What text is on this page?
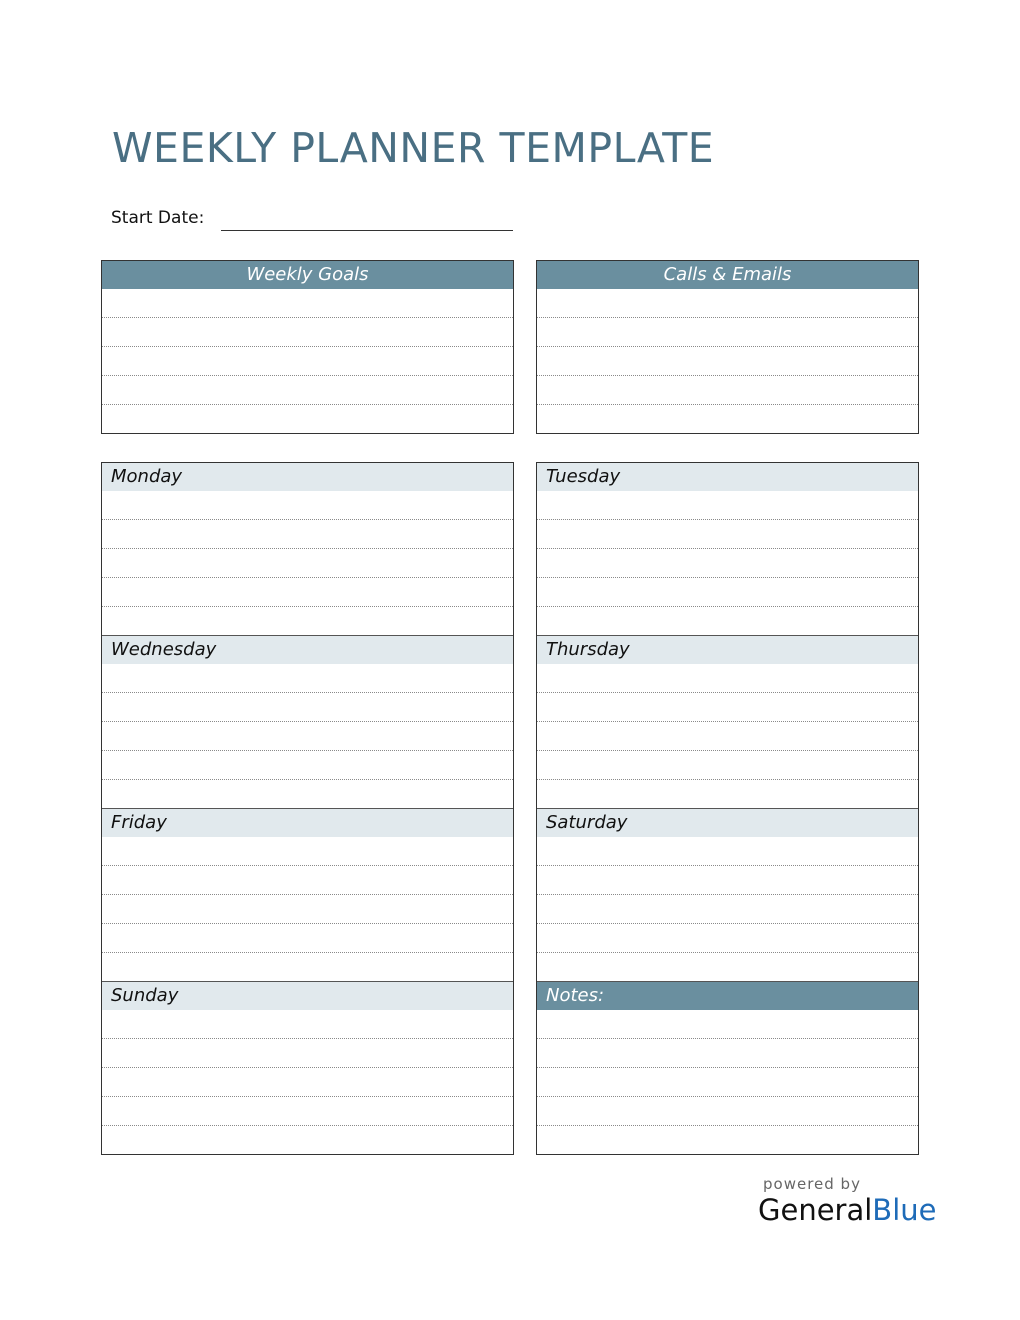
WEEKLY PLANNER TEMPLATE
Start Date:
Weekly Goals	Calls & Emails
Monday
Wednesday
Friday
Sunday
Tuesday
Thursday
Saturday
Notes:
powered by
GeneralBlue
